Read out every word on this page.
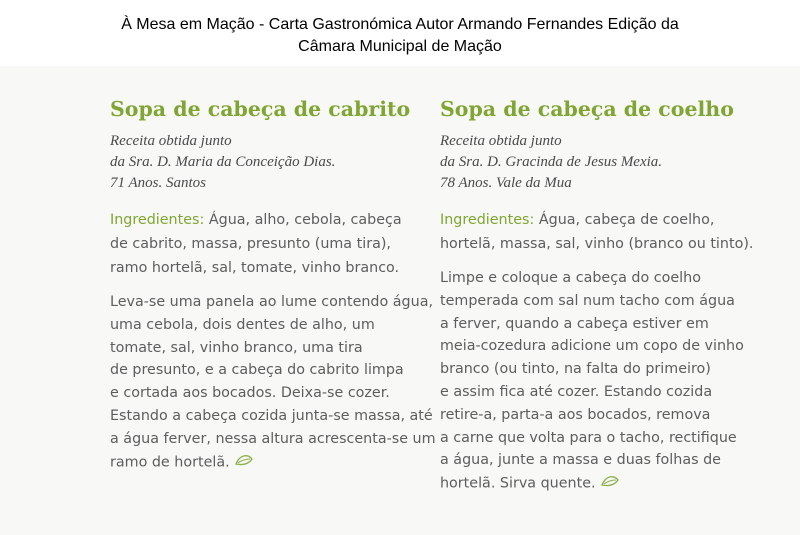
À Mesa em Mação - Carta Gastronómica Autor Armando Fernandes Edição da
Câmara Municipal de Mação
Sopa de cabeça de cabrito
Receita obtida junto
da Sra. D. Maria da Conceição Dias.
71 Anos. Santos
Ingredientes: Água, alho, cebola, cabeça
de cabrito, massa, presunto (uma tira),
ramo hortelã, sal, tomate, vinho branco.
Leva-se uma panela ao lume contendo água,
uma cebola, dois dentes de alho, um
tomate, sal, vinho branco, uma tira
de presunto, e a cabeça do cabrito limpa
e cortada aos bocados. Deixa-se cozer.
Estando a cabeça cozida junta-se massa, até
a água ferver, nessa altura acrescenta-se um
ramo de hortelã.
Sopa de cabeça de coelho
Receita obtida junto
da Sra. D. Gracinda de Jesus Mexia.
78 Anos. Vale da Mua
Ingredientes: Água, cabeça de coelho,
hortelã, massa, sal, vinho (branco ou tinto).
Limpe e coloque a cabeça do coelho
temperada com sal num tacho com água
a ferver, quando a cabeça estiver em
meia-cozedura adicione um copo de vinho
branco (ou tinto, na falta do primeiro)
e assim fica até cozer. Estando cozida
retire-a, parta-a aos bocados, remova
a carne que volta para o tacho, rectifique
a água, junte a massa e duas folhas de
hortelã. Sirva quente.
